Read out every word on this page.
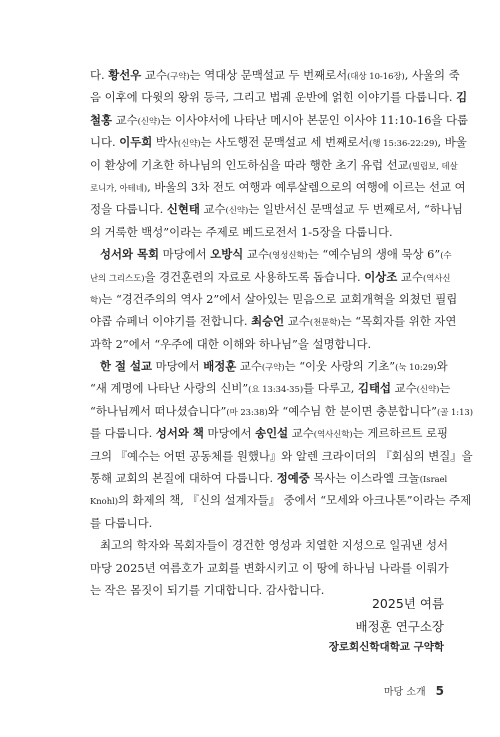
다. 황선우 교수(구약)는 역대상 문맥설교 두 번째로서(대상 10-16장), 사울의 죽
음 이후에 다윗의 왕위 등극, 그리고 법궤 운반에 얽힌 이야기를 다룹니다. 김
철홍 교수(신약)는 이사야서에 나타난 메시아 본문인 이사야 11:10-16을 다룹
니다. 이두희 박사(신약)는 사도행전 문맥설교 세 번째로서(행 15:36-22:29), 바울
이 환상에 기초한 하나님의 인도하심을 따라 행한 초기 유럽 선교(빌립보, 데살
로니가, 아테네), 바울의 3차 전도 여행과 예루살렘으로의 여행에 이르는 선교 여
정을 다룹니다. 신현태 교수(신약)는 일반서신 문맥설교 두 번째로서, “하나님
의 거룩한 백성”이라는 주제로 베드로전서 1-5장을 다룹니다.
성서와 목회 마당에서 오방식 교수(영성신학)는 “예수님의 생애 묵상 6”(수
난의 그리스도)을 경건훈련의 자료로 사용하도록 돕습니다. 이상조 교수(역사신
학)는 “경건주의의 역사 2”에서 살아있는 믿음으로 교회개혁을 외쳤던 필립
야콥 슈페너 이야기를 전합니다. 최승언 교수(천문학)는 “목회자를 위한 자연
과학 2”에서 “우주에 대한 이해와 하나님”을 설명합니다.
한 절 설교 마당에서 배정훈 교수(구약)는 “이웃 사랑의 기초”(눅 10:29)와
“새 계명에 나타난 사랑의 신비”(요 13:34-35)를 다루고, 김태섭 교수(신약)는
“하나님께서 떠나셨습니다”(마 23:38)와 “예수님 한 분이면 충분합니다”(골 1:13)
를 다룹니다. 성서와 책 마당에서 송인설 교수(역사신학)는 게르하르트 로핑
크의 『예수는 어떤 공동체를 원했나』와 알렌 크라이더의 『회심의 변질』을
통해 교회의 본질에 대하여 다룹니다. 정예중 목사는 이스라엘 크놀(Israel
Knohl)의 화제의 책, 『신의 설계자들』 중에서 “모세와 아크나톤”이라는 주제
를 다룹니다.
최고의 학자와 목회자들이 경건한 영성과 치열한 지성으로 일궈낸 성서
마당 2025년 여름호가 교회를 변화시키고 이 땅에 하나님 나라를 이뤄가
는 작은 몸짓이 되기를 기대합니다. 감사합니다.
2025년 여름
배정훈 연구소장
장로회신학대학교 구약학
마당 소개 5
